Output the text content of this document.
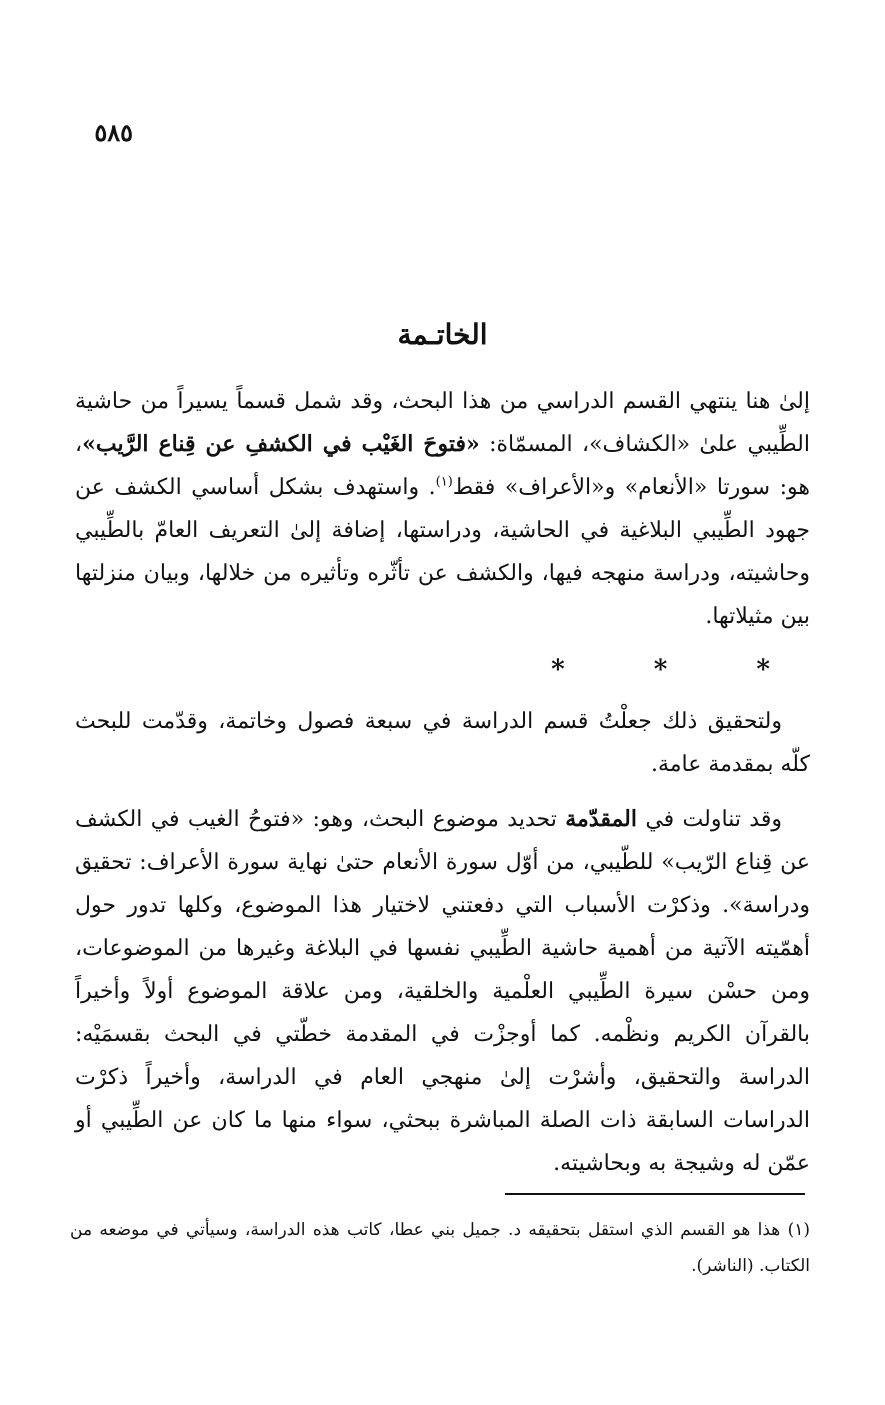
٥٨٥
الخاتـمة

إلىٰ هنا ينتهي القسم الدراسي من هذا البحث، وقد شمل قسماً يسيراً من حاشية الطِّيبي علىٰ «الكشاف»، المسمّاة: «فتوحَ الغَيْب في الكشفِ عن قِناع الرَّيب»، هو: سورتا «الأنعام» و«الأعراف» فقط$^{(١)}$. واستهدف بشكل أساسي الكشف عن جهود الطِّيبي البلاغية في الحاشية، ودراستها، إضافة إلىٰ التعريف العامّ بالطِّيبي وحاشيته، ودراسة منهجه فيها، والكشف عن تأثّره وتأثيره من خلالها، وبيان منزلتها بين مثيلاتها.

* * *

ولتحقيق ذلك جعلْتُ قسم الدراسة في سبعة فصول وخاتمة، وقدّمت للبحث كلّه بمقدمة عامة.

وقد تناولت في المقدّمة تحديد موضوع البحث، وهو: «فتوحُ الغيب في الكشف عن قِناع الرّيب» للطّيبي، من أوّل سورة الأنعام حتىٰ نهاية سورة الأعراف: تحقيق ودراسة». وذكرْت الأسباب التي دفعتني لاختيار هذا الموضوع، وكلها تدور حول أهمّيته الآتية من أهمية حاشية الطِّيبي نفسها في البلاغة وغيرها من الموضوعات، ومن حسْن سيرة الطِّيبي العلْمية والخلقية، ومن علاقة الموضوع أولاً وأخيراً بالقرآن الكريم ونظْمه. كما أوجزْت في المقدمة خطّتي في البحث بقسمَيْه: الدراسة والتحقيق، وأشرْت إلىٰ منهجي العام في الدراسة، وأخيراً ذكرْت الدراسات السابقة ذات الصلة المباشرة ببحثي، سواء منها ما كان عن الطِّيبي أو عمّن له وشيجة به وبحاشيته.

(١) هذا هو القسم الذي استقل بتحقيقه د. جميل بني عطا، كاتب هذه الدراسة، وسيأتي في موضعه من الكتاب. (الناشر).
